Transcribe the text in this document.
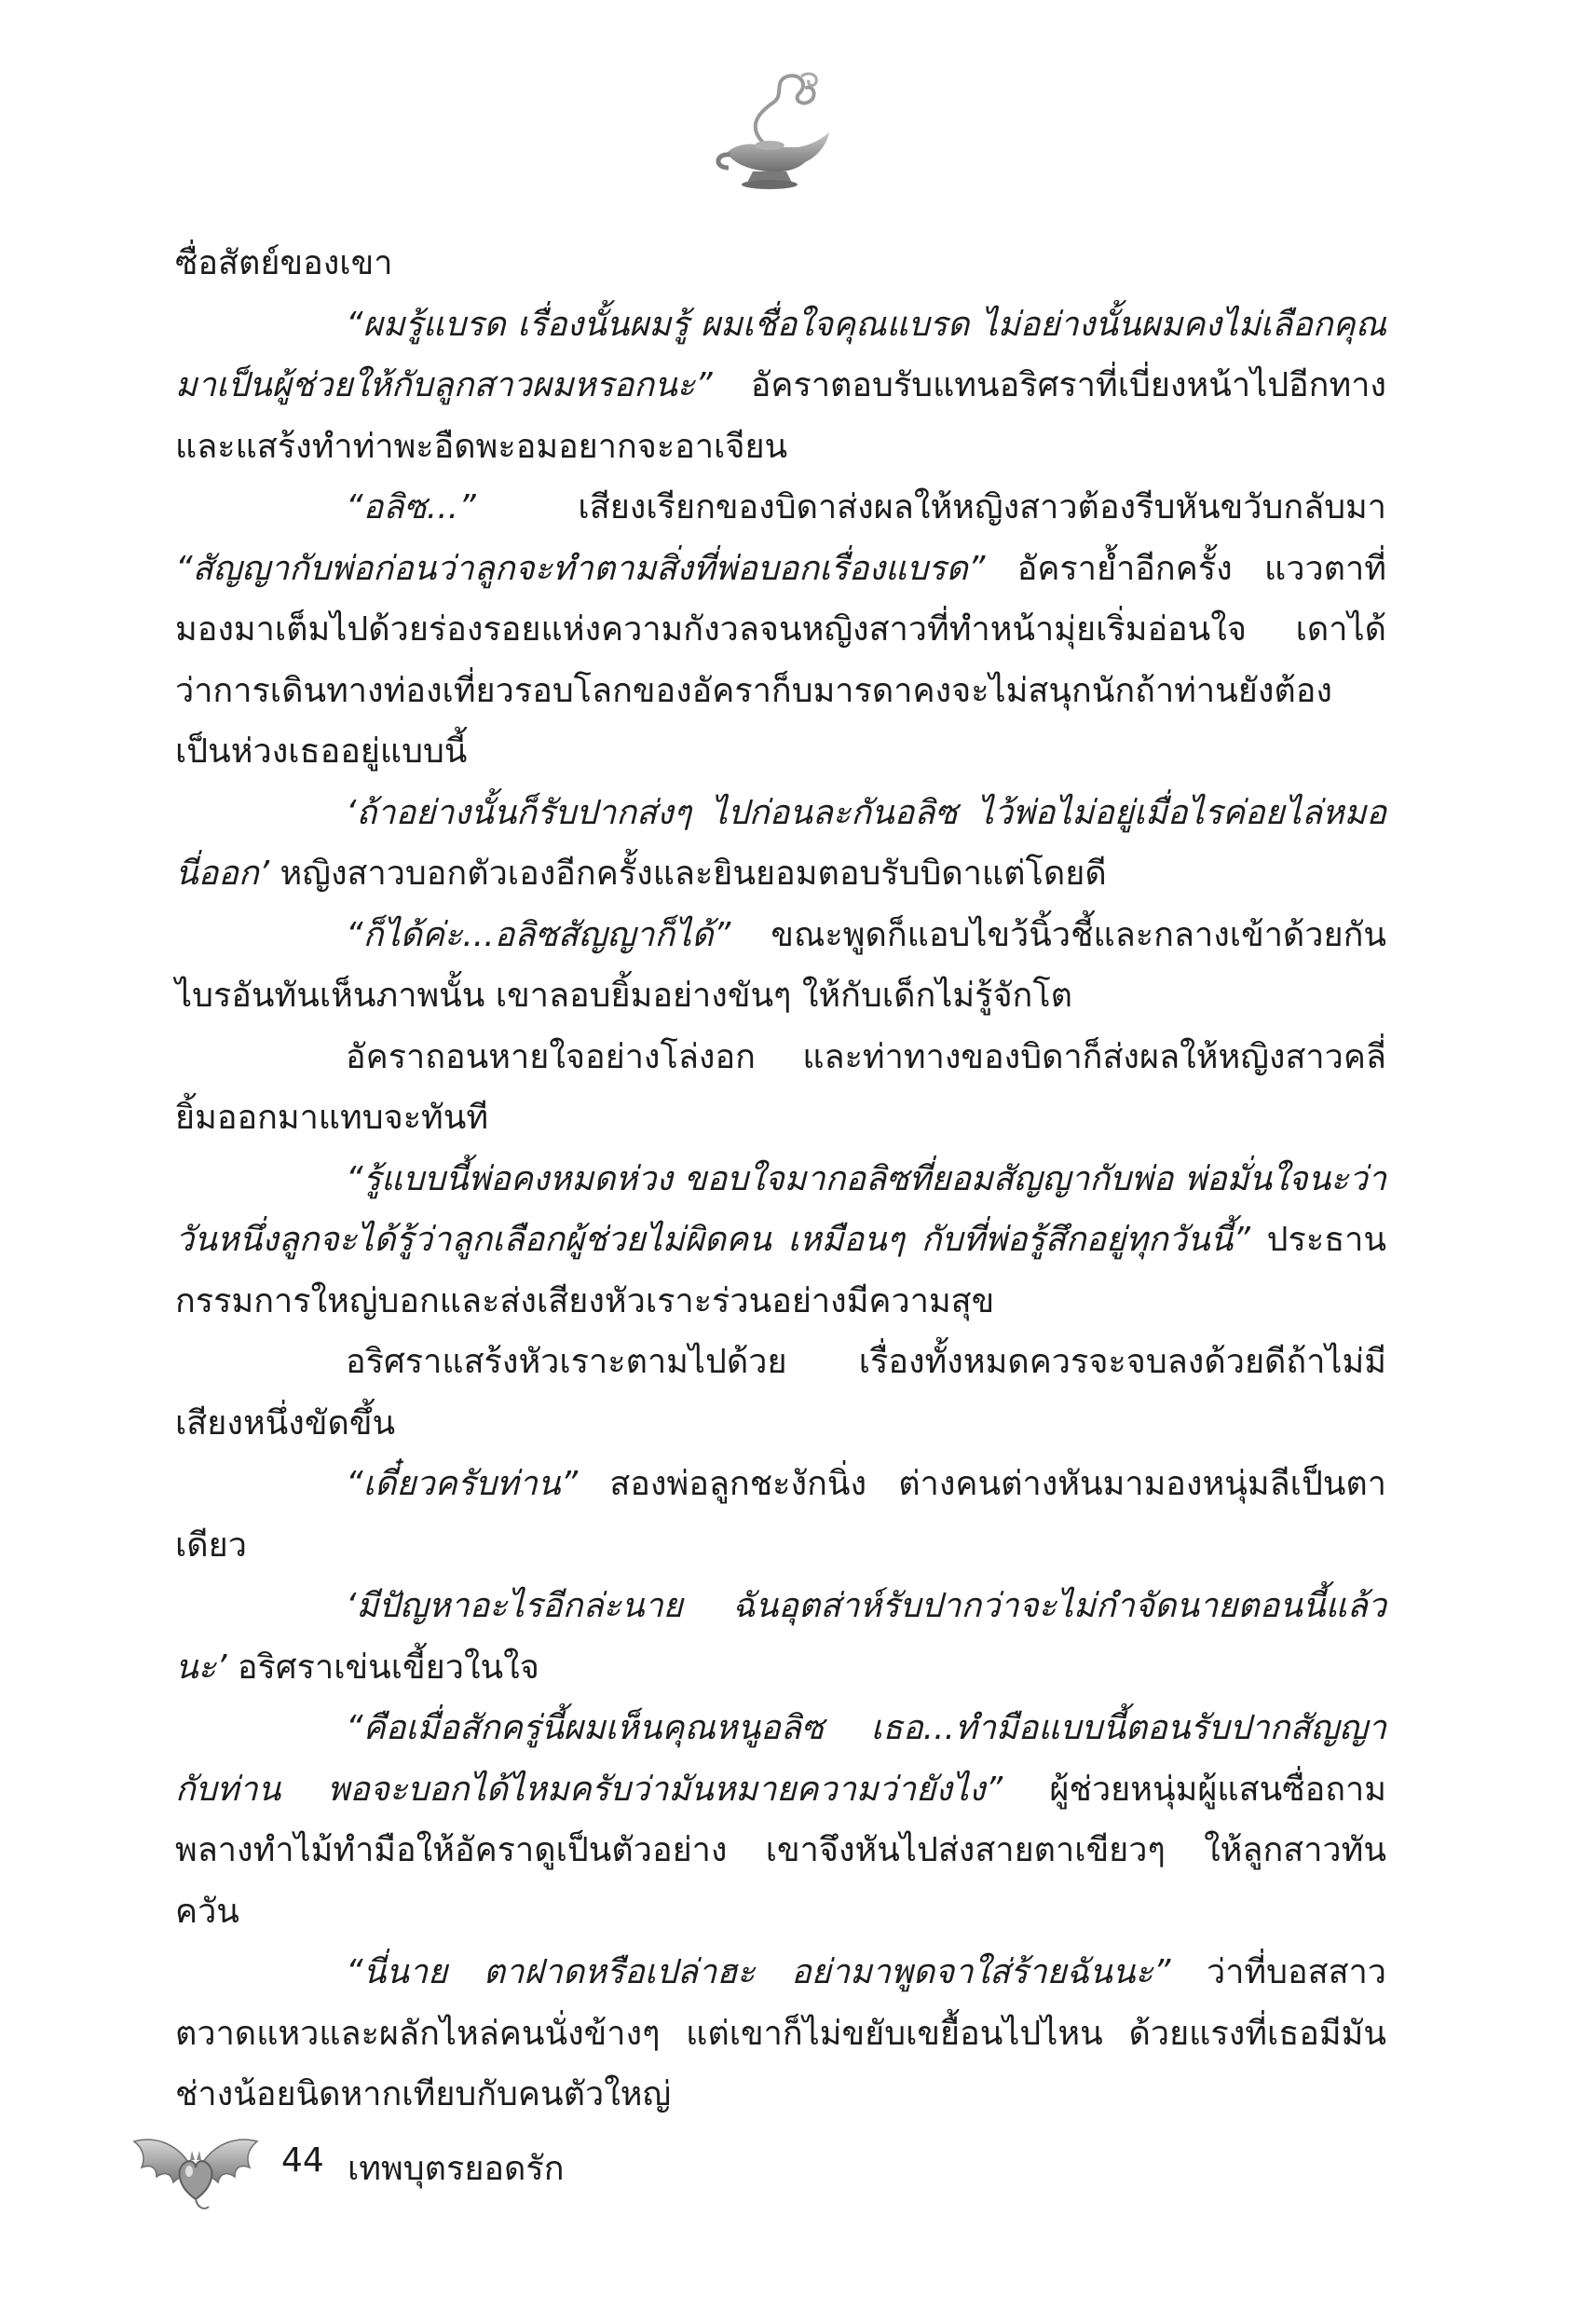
ซื่อสัตย์ของเขา

“ผมรู้แบรด เรื่องนั้นผมรู้ ผมเชื่อใจคุณแบรด ไม่อย่างนั้นผมคงไม่เลือกคุณมาเป็นผู้ช่วยให้กับลูกสาวผมหรอกนะ” อัคราตอบรับแทนอริศราที่เบี่ยงหน้าไปอีกทางและแสร้งทำท่าพะอืดพะอมอยากจะอาเจียน

“อลิซ...” เสียงเรียกของบิดาส่งผลให้หญิงสาวต้องรีบหันขวับกลับมา “สัญญากับพ่อก่อนว่าลูกจะทำตามสิ่งที่พ่อบอกเรื่องแบรด” อัคราย้ำอีกครั้ง แววตาที่มองมาเต็มไปด้วยร่องรอยแห่งความกังวลจนหญิงสาวที่ทำหน้ามุ่ยเริ่มอ่อนใจ เดาได้ว่าการเดินทางท่องเที่ยวรอบโลกของอัคราก็บมารดาคงจะไม่สนุกนักถ้าท่านยังต้องเป็นห่วงเธออยู่แบบนี้

‘ถ้าอย่างนั้นก็รับปากส่งๆ ไปก่อนละกันอลิซ ไว้พ่อไม่อยู่เมื่อไรค่อยไล่หมอนี่ออก’ หญิงสาวบอกตัวเองอีกครั้งและยินยอมตอบรับบิดาแต่โดยดี

“ก็ได้ค่ะ...อลิซสัญญาก็ได้” ขณะพูดก็แอบไขว้นิ้วชี้และกลางเข้าด้วยกัน ไบรอันทันเห็นภาพนั้น เขาลอบยิ้มอย่างขันๆ ให้กับเด็กไม่รู้จักโต

อัคราถอนหายใจอย่างโล่งอก และท่าทางของบิดาก็ส่งผลให้หญิงสาวคลี่ยิ้มออกมาแทบจะทันที

“รู้แบบนี้พ่อคงหมดห่วง ขอบใจมากอลิซที่ยอมสัญญากับพ่อ พ่อมั่นใจนะว่าวันหนึ่งลูกจะได้รู้ว่าลูกเลือกผู้ช่วยไม่ผิดคน เหมือนๆ กับที่พ่อรู้สึกอยู่ทุกวันนี้” ประธานกรรมการใหญ่บอกและส่งเสียงหัวเราะร่วนอย่างมีความสุข

อริศราแสร้งหัวเราะตามไปด้วย เรื่องทั้งหมดควรจะจบลงด้วยดีถ้าไม่มีเสียงหนึ่งขัดขึ้น

“เดี๋ยวครับท่าน” สองพ่อลูกชะงักนิ่ง ต่างคนต่างหันมามองหนุ่มลีเป็นตาเดียว

‘มีปัญหาอะไรอีกล่ะนาย ฉันอุตส่าห์รับปากว่าจะไม่กำจัดนายตอนนี้แล้วนะ’ อริศราเข่นเขี้ยวในใจ

“คือเมื่อสักครู่นี้ผมเห็นคุณหนูอลิซ เธอ...ทำมือแบบนี้ตอนรับปากสัญญากับท่าน พอจะบอกได้ไหมครับว่ามันหมายความว่ายังไง” ผู้ช่วยหนุ่มผู้แสนซื่อถามพลางทำไม้ทำมือให้อัคราดูเป็นตัวอย่าง เขาจึงหันไปส่งสายตาเขียวๆ ให้ลูกสาวทันควัน

“นี่นาย ตาฝาดหรือเปล่าฮะ อย่ามาพูดจาใส่ร้ายฉันนะ” ว่าที่บอสสาวตวาดแหวและผลักไหล่คนนั่งข้างๆ แต่เขาก็ไม่ขยับเขยื้อนไปไหน ด้วยแรงที่เธอมีมันช่างน้อยนิดหากเทียบกับคนตัวใหญ่

44 เทพบุตรยอดรัก
